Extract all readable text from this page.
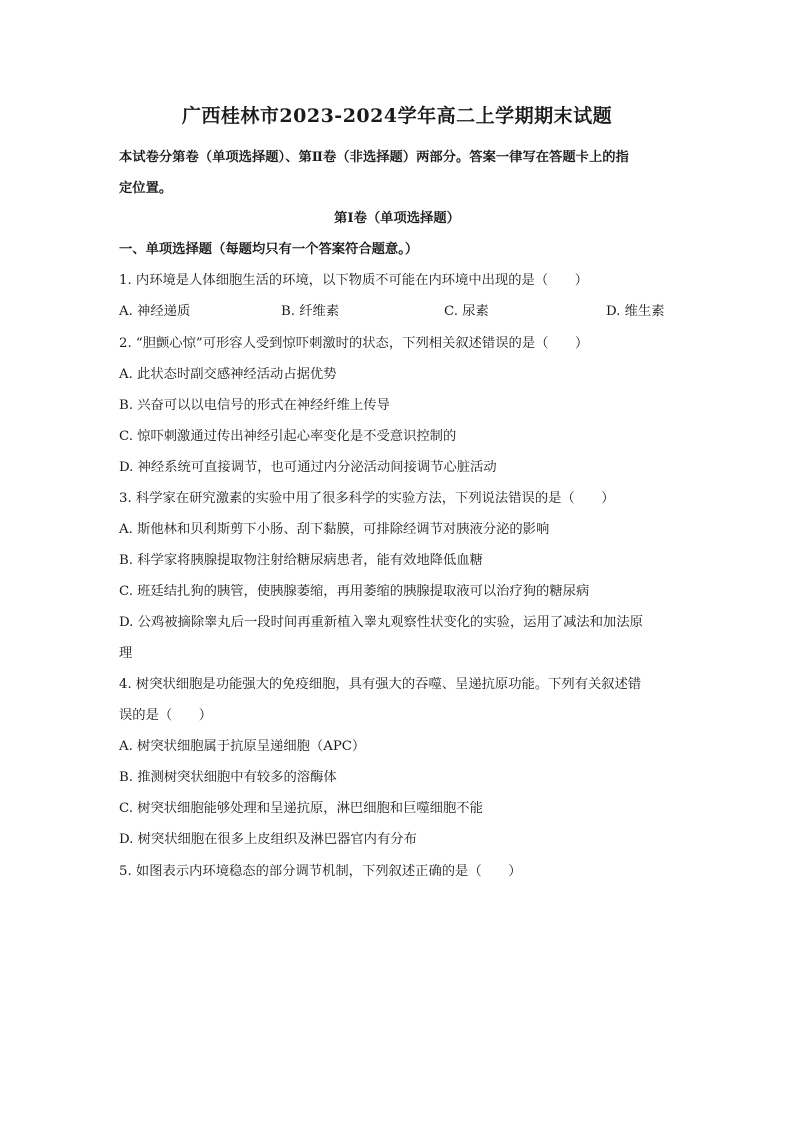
广西桂林市2023-2024学年高二上学期期末试题
本试卷分第卷（单项选择题）、第Ⅱ卷（非选择题）两部分。答案一律写在答题卡上的指
定位置。
第Ⅰ卷（单项选择题）
一、单项选择题（每题均只有一个答案符合题意。）
1. 内环境是人体细胞生活的环境，以下物质不可能在内环境中出现的是（　　）
A. 神经递质	B. 纤维素	C. 尿素	D. 维生素
2. “胆颤心惊”可形容人受到惊吓刺激时的状态，下列相关叙述错误的是（　　）
A. 此状态时副交感神经活动占据优势
B. 兴奋可以以电信号的形式在神经纤维上传导
C. 惊吓刺激通过传出神经引起心率变化是不受意识控制的
D. 神经系统可直接调节，也可通过内分泌活动间接调节心脏活动
3. 科学家在研究激素的实验中用了很多科学的实验方法，下列说法错误的是（　　）
A. 斯他林和贝利斯剪下小肠、刮下黏膜，可排除经调节对胰液分泌的影响
B. 科学家将胰腺提取物注射给糖尿病患者，能有效地降低血糖
C. 班廷结扎狗的胰管，使胰腺萎缩，再用萎缩的胰腺提取液可以治疗狗的糖尿病
D. 公鸡被摘除睾丸后一段时间再重新植入睾丸观察性状变化的实验，运用了减法和加法原
理
4. 树突状细胞是功能强大的免疫细胞，具有强大的吞噬、呈递抗原功能。下列有关叙述错
误的是（　　）
A. 树突状细胞属于抗原呈递细胞（APC）
B. 推测树突状细胞中有较多的溶酶体
C. 树突状细胞能够处理和呈递抗原，淋巴细胞和巨噬细胞不能
D. 树突状细胞在很多上皮组织及淋巴器官内有分布
5. 如图表示内环境稳态的部分调节机制，下列叙述正确的是（　　）
